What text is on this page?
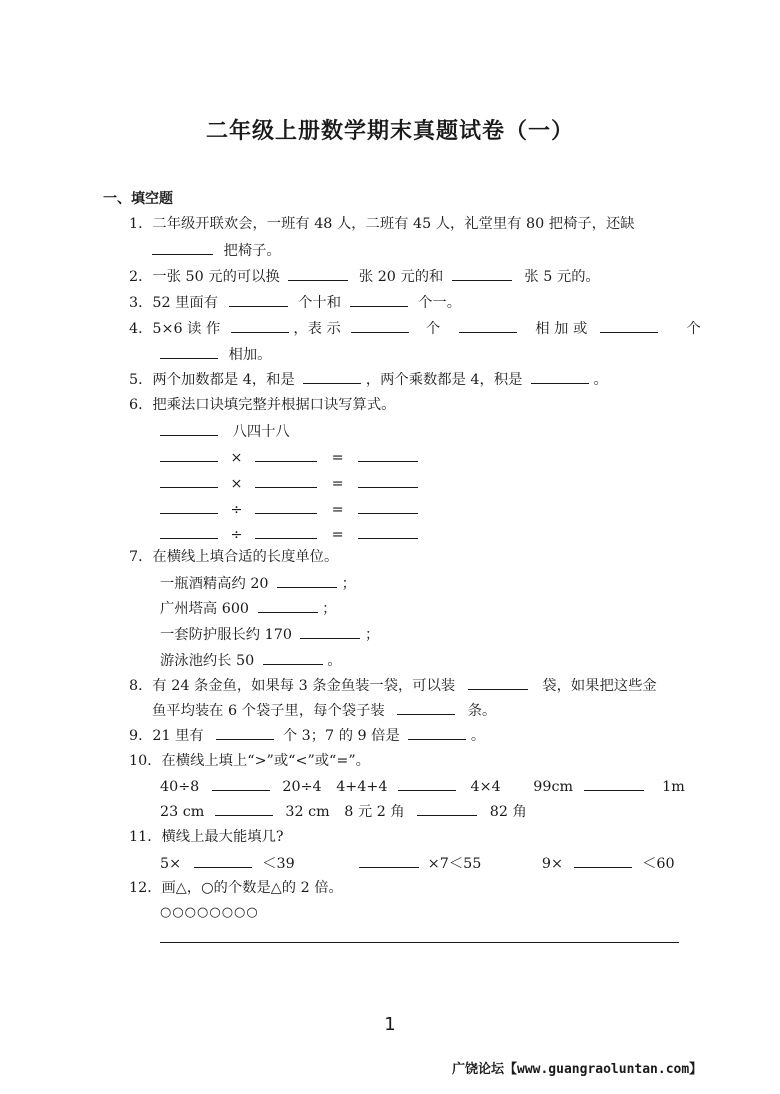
二年级上册数学期末真题试卷（一）
一、填空题
1．二年级开联欢会，一班有 48 人，二班有 45 人，礼堂里有 80 把椅子，还缺
把椅子。
2．一张 50 元的可以换	张 20 元的和	张 5 元的。
3．52 里面有	个十和	个一。
4．5×6 读 作	，表 示	个	相 加 或	个
相加。
5．两个加数都是 4，和是	，两个乘数都是 4，积是	。
6．把乘法口诀填完整并根据口诀写算式。
八四十八
×	=
×	=
÷	=
÷	=
7．在横线上填合适的长度单位。
一瓶酒精高约 20	；
广州塔高 600	；
一套防护服长约 170	；
游泳池约长 50	。
8．有 24 条金鱼，如果每 3 条金鱼装一袋，可以装	袋，如果把这些金
鱼平均装在 6 个袋子里，每个袋子装	条。
9．21 里有	个 3；7 的 9 倍是	。
10．在横线上填上“>”或“<”或“=”。
40÷8	20÷4 4+4+4	4×4 99cm	1m
23 cm	32 cm 8 元 2 角	82 角
11．横线上最大能填几?
5×	＜39	×7＜55	9×	＜60
12．画△，○的个数是△的 2 倍。
○○○○○○○○
1
广饶论坛【www.guangraoluntan.com】
